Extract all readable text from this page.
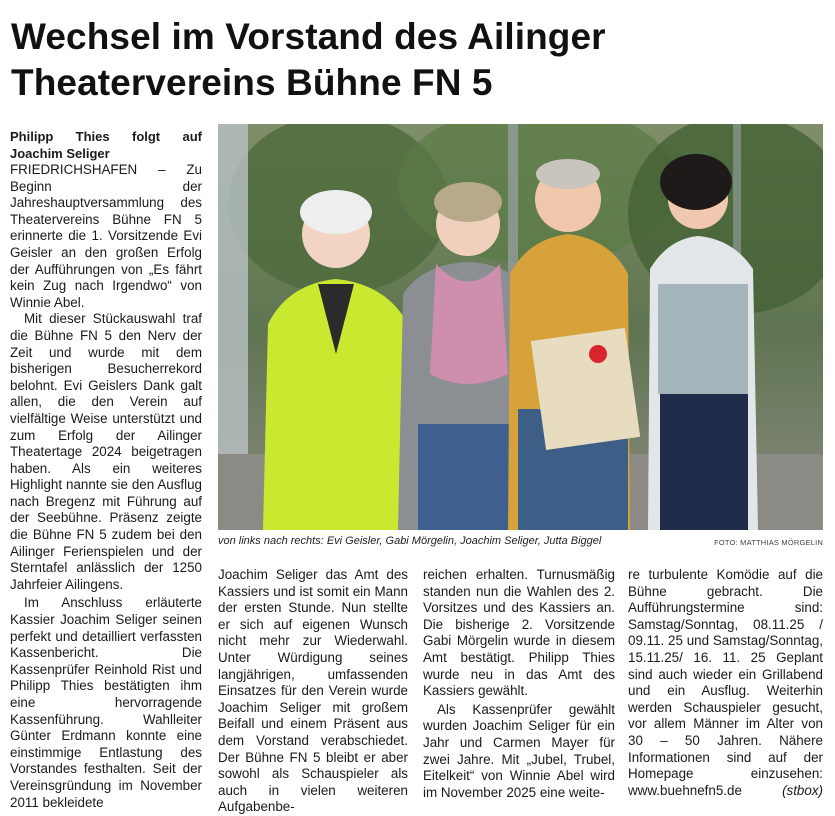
Wechsel im Vorstand des Ailinger
Theatervereins Bühne FN 5

Philipp Thies folgt auf Joachim Seliger

FRIEDRICHSHAFEN – Zu Beginn der Jahreshauptversammlung des Theatervereins Bühne FN 5 erinnerte die 1. Vorsitzende Evi Geisler an den großen Erfolg der Aufführungen von „Es fährt kein Zug nach Irgendwo“ von Winnie Abel.

Mit dieser Stückauswahl traf die Bühne FN 5 den Nerv der Zeit und wurde mit dem bisherigen Besucherrekord belohnt. Evi Geislers Dank galt allen, die den Verein auf vielfältige Weise unterstützt und zum Erfolg der Ailinger Theatertage 2024 beigetragen haben. Als ein weiteres Highlight nannte sie den Ausflug nach Bregenz mit Führung auf der Seebühne. Präsenz zeigte die Bühne FN 5 zudem bei den Ailinger Ferienspielen und der Sterntafel anlässlich der 1250 Jahrfeier Ailingens.

Im Anschluss erläuterte Kassier Joachim Seliger seinen perfekt und detailliert verfassten Kassenbericht. Die Kassenprüfer Reinhold Rist und Philipp Thies bestätigten ihm eine hervorragende Kassenführung. Wahlleiter Günter Erdmann konnte eine einstimmige Entlastung des Vorstandes festhalten. Seit der Vereinsgründung im November 2011 bekleidete

von links nach rechts: Evi Geisler, Gabi Mörgelin, Joachim Seliger, Jutta Biggel	FOTO: MATTHIAS MÖRGELIN

Joachim Seliger das Amt des Kassiers und ist somit ein Mann der ersten Stunde. Nun stellte er sich auf eigenen Wunsch nicht mehr zur Wiederwahl. Unter Würdigung seines langjährigen, umfassenden Einsatzes für den Verein wurde Joachim Seliger mit großem Beifall und einem Präsent aus dem Vorstand verabschiedet. Der Bühne FN 5 bleibt er aber sowohl als Schauspieler als auch in vielen weiteren Aufgabenbe-

reichen erhalten. Turnusmäßig standen nun die Wahlen des 2. Vorsitzes und des Kassiers an. Die bisherige 2. Vorsitzende Gabi Mörgelin wurde in diesem Amt bestätigt. Philipp Thies wurde neu in das Amt des Kassiers gewählt.

Als Kassenprüfer gewählt wurden Joachim Seliger für ein Jahr und Carmen Mayer für zwei Jahre. Mit „Jubel, Trubel, Eitelkeit“ von Winnie Abel wird im November 2025 eine weite-

re turbulente Komödie auf die Bühne gebracht. Die Aufführungstermine sind: Samstag/Sonntag, 08.11.25 / 09.11. 25 und Samstag/Sonntag, 15.11.25/ 16. 11. 25 Geplant sind auch wieder ein Grillabend und ein Ausflug. Weiterhin werden Schauspieler gesucht, vor allem Männer im Alter von 30 – 50 Jahren. Nähere Informationen sind auf der Homepage einzusehen: www.buehnefn5.de	(stbox)
